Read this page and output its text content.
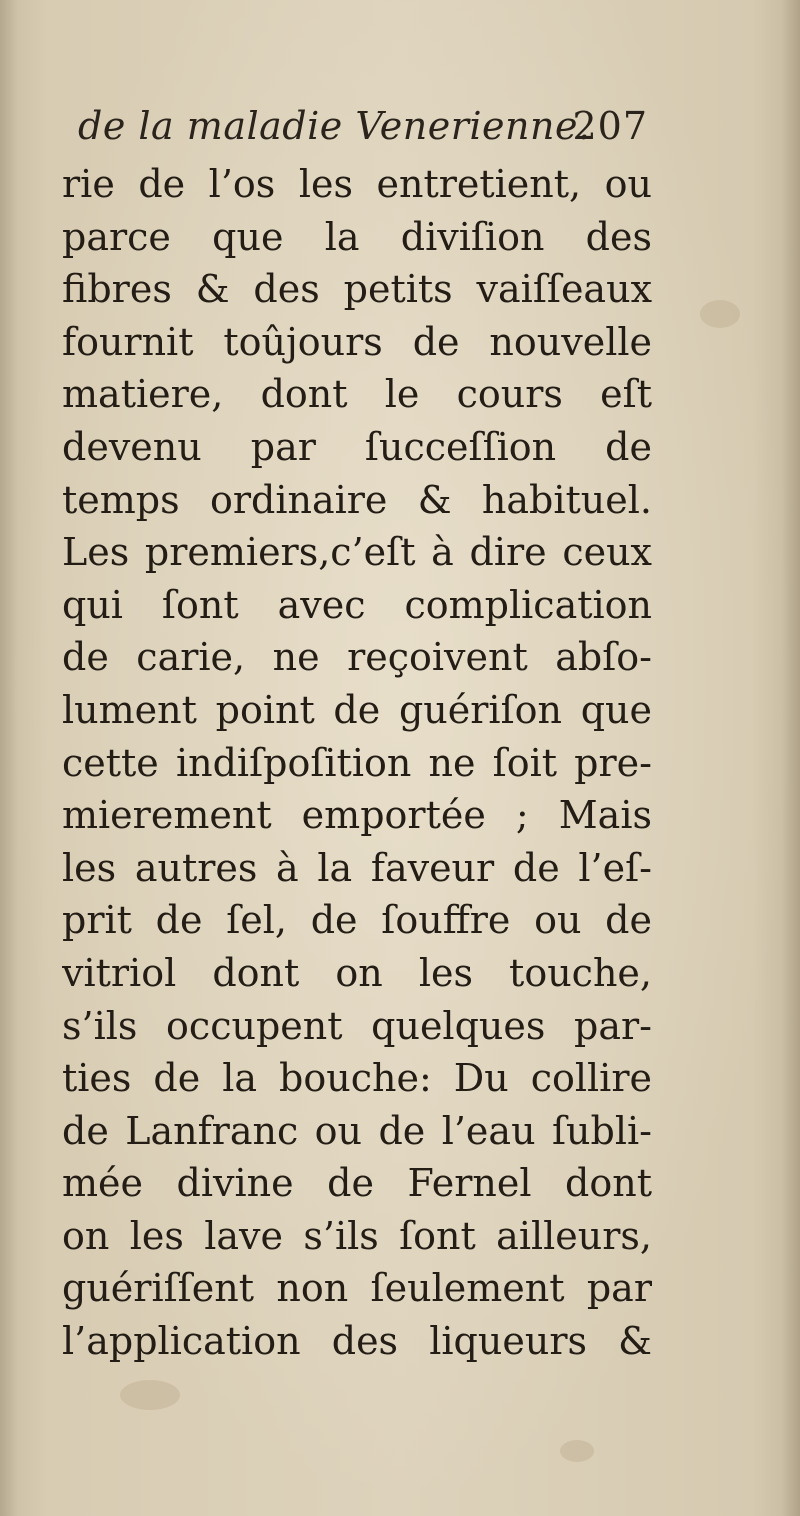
de la maladie Venerienne.
207
rie de l’os les entretient, ou
parce que la diviſion des
fibres & des petits vaiſſeaux
fournit toûjours de nouvelle
matiere, dont le cours eſt
devenu par ſucceſſion de
temps ordinaire & habituel.
Les premiers,c’eſt à dire ceux
qui ſont avec complication
de carie, ne reçoivent abſo-
lument point de guériſon que
cette indiſpoſition ne ſoit pre-
mierement emportée ; Mais
les autres à la faveur de l’eſ-
prit de ſel, de ſouffre ou de
vitriol dont on les touche,
s’ils occupent quelques par-
ties de la bouche: Du collire
de Lanfranc ou de l’eau ſubli-
mée divine de Fernel dont
on les lave s’ils ſont ailleurs,
guériſſent non ſeulement par
l’application des liqueurs &
